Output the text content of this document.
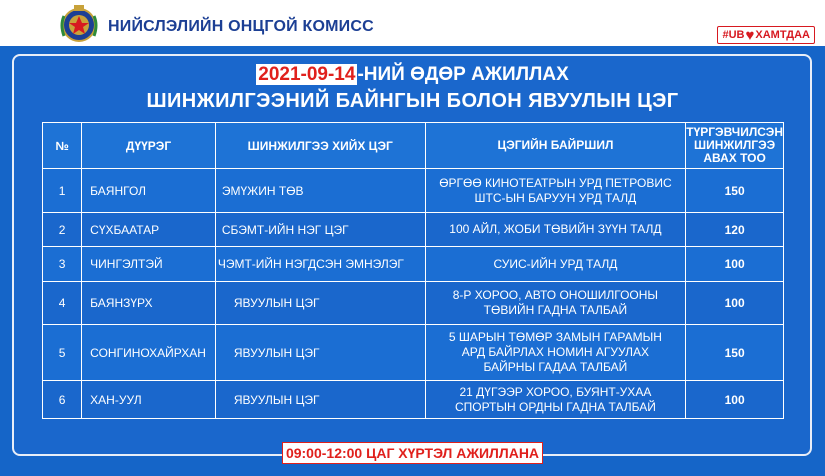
НИЙСЛЭЛИЙН ОНЦГОЙ КОМИСС	#UB ♥ ХАМТДАА
2021-09-14 -НИЙ ӨДӨР АЖИЛЛАХ
ШИНЖИЛГЭЭНИЙ БАЙНГЫН БОЛОН ЯВУУЛЫН ЦЭГ
№	ДҮҮРЭГ	ШИНЖИЛГЭЭ ХИЙХ ЦЭГ	ЦЭГИЙН БАЙРШИЛ	ТҮРГЭВЧИЛСЭН
ШИНЖИЛГЭЭ
АВАХ ТОО

1	БАЯНГОЛ	ЭМҮЖИН ТӨВ	ӨРГӨӨ КИНОТЕАТРЫН УРД ПЕТРОВИС
ШТС-ЫН БАРУУН УРД ТАЛД	150
2	СҮХБААТАР	СБЭМТ-ИЙН НЭГ ЦЭГ	100 АЙЛ, ЖОБИ ТӨВИЙН ЗҮҮН ТАЛД	120
3	ЧИНГЭЛТЭЙ	ЧЭМТ-ИЙН НЭГДСЭН ЭМНЭЛЭГ	СУИС-ИЙН УРД ТАЛД	100
4	БАЯНЗҮРХ	ЯВУУЛЫН ЦЭГ	8-Р ХОРОО, АВТО ОНОШИЛГООНЫ
ТӨВИЙН ГАДНА ТАЛБАЙ	100
5	СОНГИНОХАЙРХАН	ЯВУУЛЫН ЦЭГ	5 ШАРЫН ТӨМӨР ЗАМЫН ГАРАМЫН
АРД БАЙРЛАХ НОМИН АГУУЛАХ
БАЙРНЫ ГАДАА ТАЛБАЙ	150
6	ХАН-УУЛ	ЯВУУЛЫН ЦЭГ	21 ДҮГЭЭР ХОРОО, БУЯНТ-УХАА
СПОРТЫН ОРДНЫ ГАДНА ТАЛБАЙ	100
09:00-12:00 ЦАГ ХҮРТЭЛ АЖИЛЛАНА
